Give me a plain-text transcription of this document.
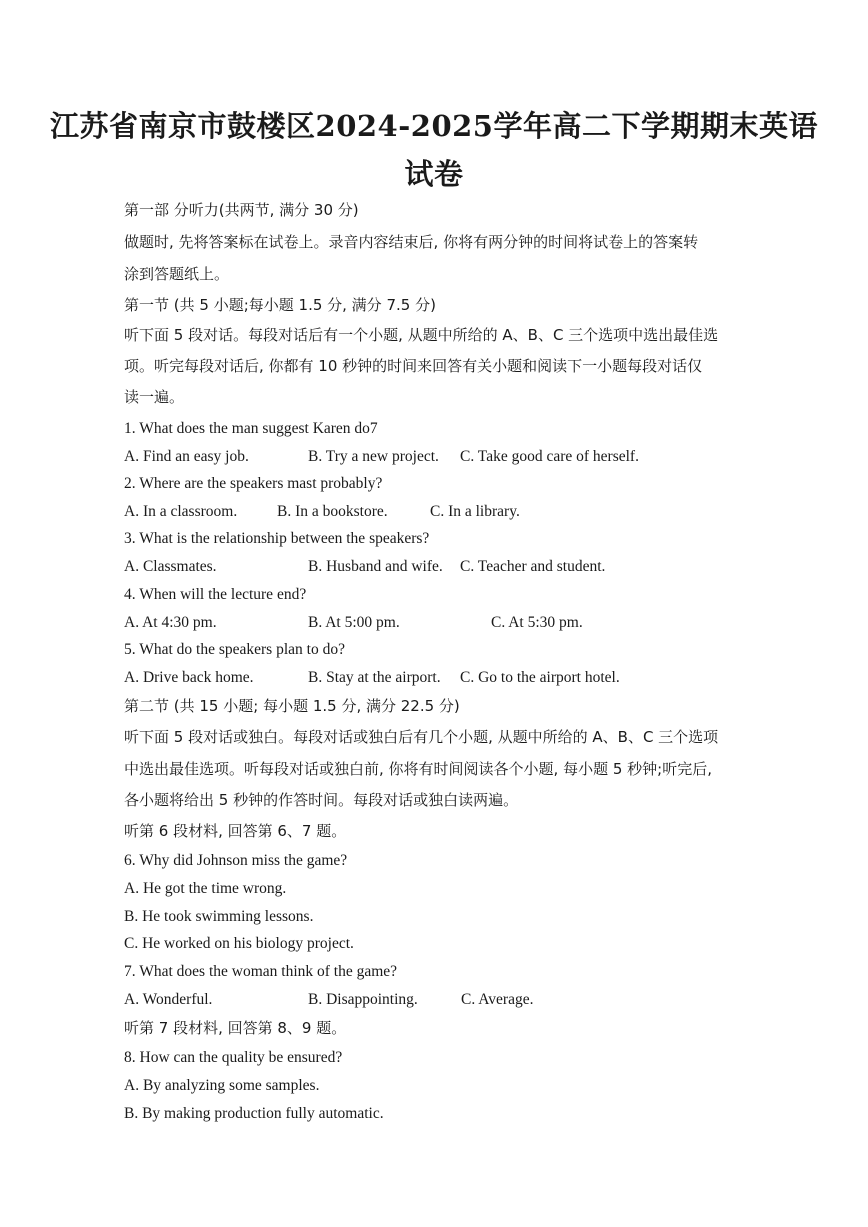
江苏省南京市鼓楼区2024-2025学年高二下学期期末英语
试卷
第一部 分听力(共两节, 满分 30 分)
做题时, 先将答案标在试卷上。录音内容结束后, 你将有两分钟的时间将试卷上的答案转
涂到答题纸上。
第一节 (共 5 小题;每小题 1.5 分, 满分 7.5 分)
听下面 5 段对话。每段对话后有一个小题, 从题中所给的 A、B、C 三个选项中选出最佳选
项。听完每段对话后, 你都有 10 秒钟的时间来回答有关小题和阅读下一小题每段对话仅
读一遍。
1. What does the man suggest Karen do7
A. Find an easy job.	B. Try a new project. C. Take good care of herself.
2. Where are the speakers mast probably?
A. In a classroom.	B. In a bookstore.	C. In a library.
3. What is the relationship between the speakers?
A. Classmates.	B. Husband and wife. C. Teacher and student.
4. When will the lecture end?
A. At 4:30 pm.	B. At 5:00 pm.	C. At 5:30 pm.
5. What do the speakers plan to do?
A. Drive back home.	B. Stay at the airport. C. Go to the airport hotel.
第二节 (共 15 小题; 每小题 1.5 分, 满分 22.5 分)
听下面 5 段对话或独白。每段对话或独白后有几个小题, 从题中所给的 A、B、C 三个选项
中选出最佳选项。听每段对话或独白前, 你将有时间阅读各个小题, 每小题 5 秒钟;听完后,
各小题将给出 5 秒钟的作答时间。每段对话或独白读两遍。
听第 6 段材料, 回答第 6、7 题。
6. Why did Johnson miss the game?
A. He got the time wrong.
B. He took swimming lessons.
C. He worked on his biology project.
7. What does the woman think of the game?
A. Wonderful.	B. Disappointing.	C. Average.
听第 7 段材料, 回答第 8、9 题。
8. How can the quality be ensured?
A. By analyzing some samples.
B. By making production fully automatic.
